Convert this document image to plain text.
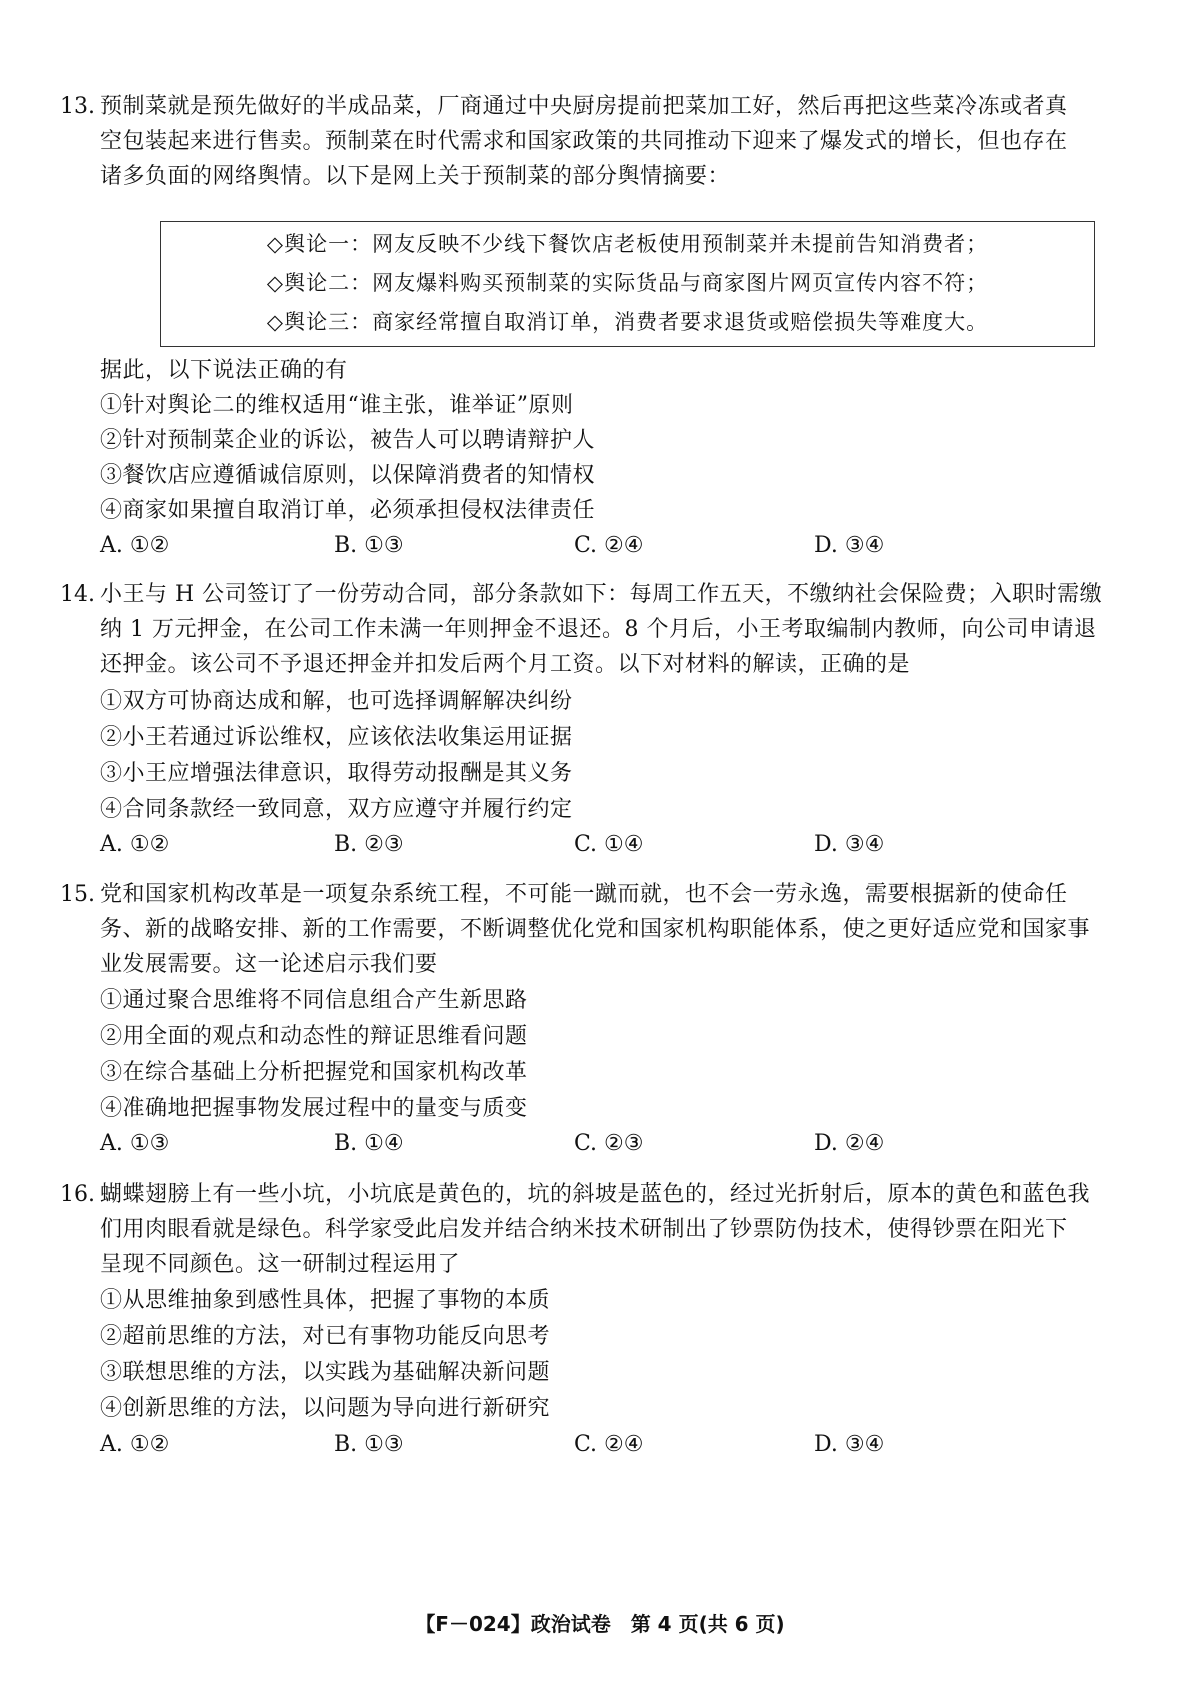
13. 预制菜就是预先做好的半成品菜，厂商通过中央厨房提前把菜加工好，然后再把这些菜冷冻或者真
空包装起来进行售卖。预制菜在时代需求和国家政策的共同推动下迎来了爆发式的增长，但也存在
诸多负面的网络舆情。以下是网上关于预制菜的部分舆情摘要：
◇舆论一：网友反映不少线下餐饮店老板使用预制菜并未提前告知消费者；
◇舆论二：网友爆料购买预制菜的实际货品与商家图片网页宣传内容不符；
◇舆论三：商家经常擅自取消订单，消费者要求退货或赔偿损失等难度大。
据此，以下说法正确的有
①针对舆论二的维权适用“谁主张，谁举证”原则
②针对预制菜企业的诉讼，被告人可以聘请辩护人
③餐饮店应遵循诚信原则，以保障消费者的知情权
④商家如果擅自取消订单，必须承担侵权法律责任
A. ①②	B. ①③	C. ②④	D. ③④
14. 小王与 H 公司签订了一份劳动合同，部分条款如下：每周工作五天，不缴纳社会保险费；入职时需缴
纳 1 万元押金，在公司工作未满一年则押金不退还。8 个月后，小王考取编制内教师，向公司申请退
还押金。该公司不予退还押金并扣发后两个月工资。以下对材料的解读，正确的是
①双方可协商达成和解，也可选择调解解决纠纷
②小王若通过诉讼维权，应该依法收集运用证据
③小王应增强法律意识，取得劳动报酬是其义务
④合同条款经一致同意，双方应遵守并履行约定
A. ①②	B. ②③	C. ①④	D. ③④
15. 党和国家机构改革是一项复杂系统工程，不可能一蹴而就，也不会一劳永逸，需要根据新的使命任
务、新的战略安排、新的工作需要，不断调整优化党和国家机构职能体系，使之更好适应党和国家事
业发展需要。这一论述启示我们要
①通过聚合思维将不同信息组合产生新思路
②用全面的观点和动态性的辩证思维看问题
③在综合基础上分析把握党和国家机构改革
④准确地把握事物发展过程中的量变与质变
A. ①③	B. ①④	C. ②③	D. ②④
16. 蝴蝶翅膀上有一些小坑，小坑底是黄色的，坑的斜坡是蓝色的，经过光折射后，原本的黄色和蓝色我
们用肉眼看就是绿色。科学家受此启发并结合纳米技术研制出了钞票防伪技术，使得钞票在阳光下
呈现不同颜色。这一研制过程运用了
①从思维抽象到感性具体，把握了事物的本质
②超前思维的方法，对已有事物功能反向思考
③联想思维的方法，以实践为基础解决新问题
④创新思维的方法，以问题为导向进行新研究
A. ①②	B. ①③	C. ②④	D. ③④
【F－024】政治试卷　第 4 页(共 6 页)
